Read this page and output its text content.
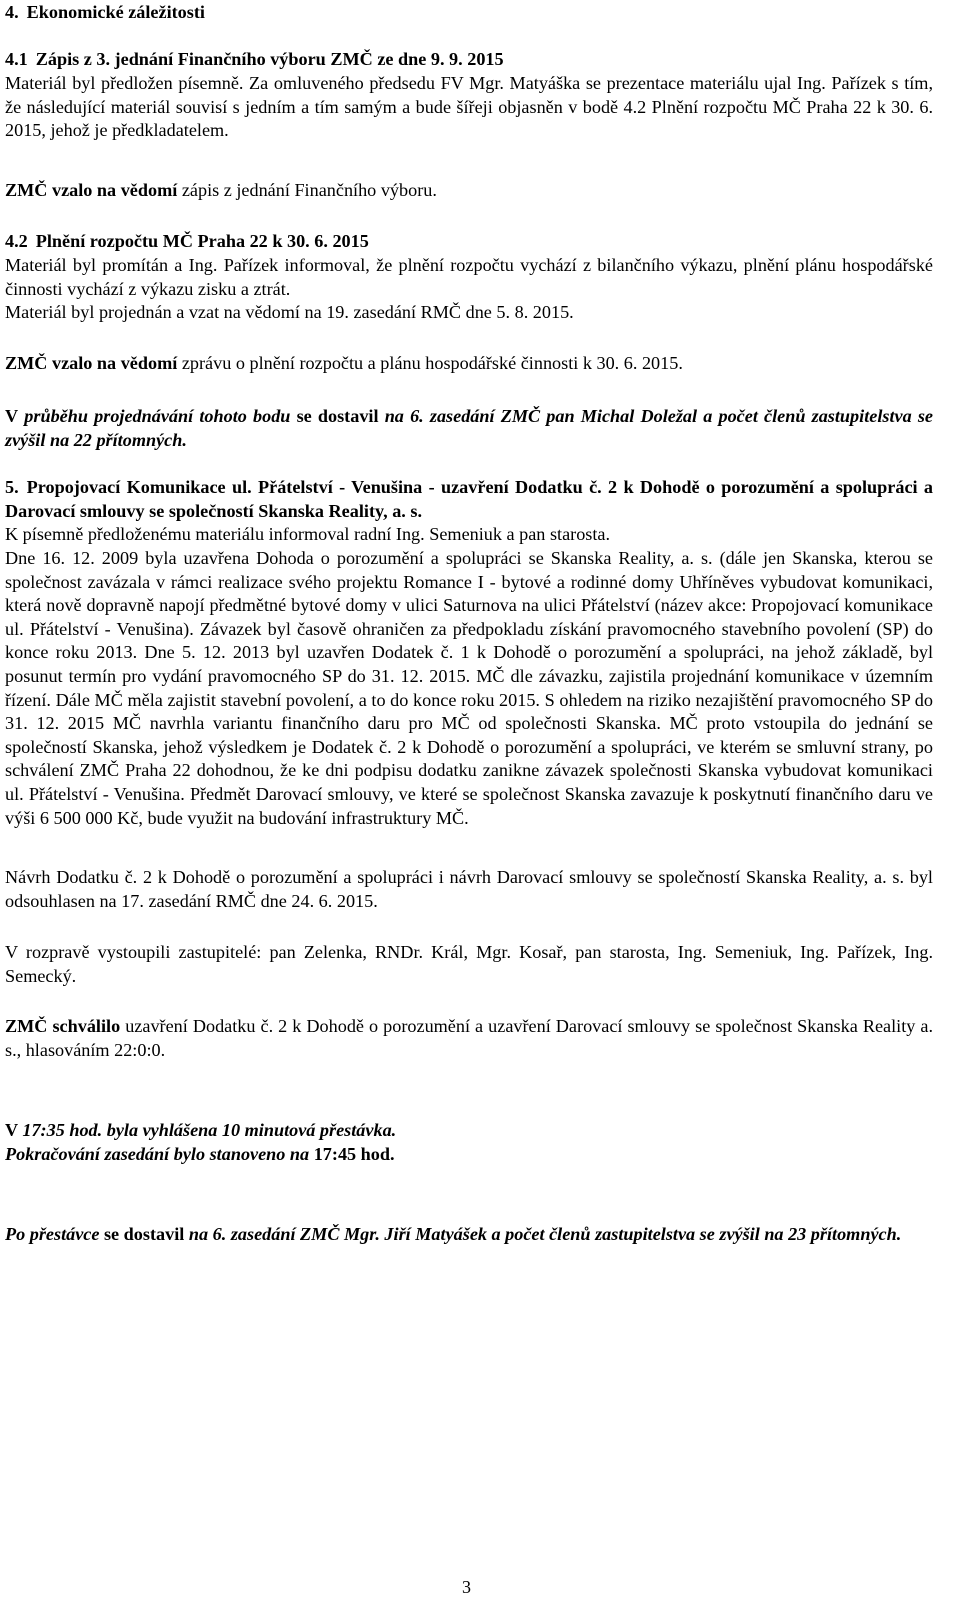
4. Ekonomické záležitosti
4.1 Zápis z 3. jednání Finančního výboru ZMČ ze dne 9. 9. 2015

Materiál byl předložen písemně. Za omluveného předsedu FV Mgr. Matyáška se prezentace materiálu ujal Ing. Pařízek s tím, že následující materiál souvisí s jedním a tím samým a bude šířeji objasněn v bodě 4.2 Plnění rozpočtu MČ Praha 22 k 30. 6. 2015, jehož je předkladatelem.

ZMČ vzalo na vědomí zápis z jednání Finančního výboru.
4.2 Plnění rozpočtu MČ Praha 22 k 30. 6. 2015

Materiál byl promítán a Ing. Pařízek informoval, že plnění rozpočtu vychází z bilančního výkazu, plnění plánu hospodářské činnosti vychází z výkazu zisku a ztrát.

Materiál byl projednán a vzat na vědomí na 19. zasedání RMČ dne 5. 8. 2015.

ZMČ vzalo na vědomí zprávu o plnění rozpočtu a plánu hospodářské činnosti k 30. 6. 2015.

V průběhu projednávání tohoto bodu se dostavil na 6. zasedání ZMČ pan Michal Doležal a počet členů zastupitelstva se zvýšil na 22 přítomných.

5. Propojovací Komunikace ul. Přátelství - Venušina - uzavření Dodatku č. 2 k Dohodě o porozumění a spolupráci a Darovací smlouvy se společností Skanska Reality, a. s.

K písemně předloženému materiálu informoval radní Ing. Semeniuk a pan starosta.

Dne 16. 12. 2009 byla uzavřena Dohoda o porozumění a spolupráci se Skanska Reality, a. s. (dále jen Skanska, kterou se společnost zavázala v rámci realizace svého projektu Romance I - bytové a rodinné domy Uhříněves vybudovat komunikaci, která nově dopravně napojí předmětné bytové domy v ulici Saturnova na ulici Přátelství (název akce: Propojovací komunikace ul. Přátelství - Venušina). Závazek byl časově ohraničen za předpokladu získání pravomocného stavebního povolení (SP) do konce roku 2013. Dne 5. 12. 2013 byl uzavřen Dodatek č. 1 k Dohodě o porozumění a spolupráci, na jehož základě, byl posunut termín pro vydání pravomocného SP do 31. 12. 2015. MČ dle závazku, zajistila projednání komunikace v územním řízení. Dále MČ měla zajistit stavební povolení, a to do konce roku 2015. S ohledem na riziko nezajištění pravomocného SP do 31. 12. 2015 MČ navrhla variantu finančního daru pro MČ od společnosti Skanska. MČ proto vstoupila do jednání se společností Skanska, jehož výsledkem je Dodatek č. 2 k Dohodě o porozumění a spolupráci, ve kterém se smluvní strany, po schválení ZMČ Praha 22 dohodnou, že ke dni podpisu dodatku zanikne závazek společnosti Skanska vybudovat komunikaci ul. Přátelství - Venušina. Předmět Darovací smlouvy, ve které se společnost Skanska zavazuje k poskytnutí finančního daru ve výši 6 500 000 Kč, bude využit na budování infrastruktury MČ.

Návrh Dodatku č. 2 k Dohodě o porozumění a spolupráci i návrh Darovací smlouvy se společností Skanska Reality, a. s. byl odsouhlasen na 17. zasedání RMČ dne 24. 6. 2015.

V rozpravě vystoupili zastupitelé: pan Zelenka, RNDr. Král, Mgr. Kosař, pan starosta, Ing. Semeniuk, Ing. Pařízek, Ing. Semecký.

ZMČ schválilo uzavření Dodatku č. 2 k Dohodě o porozumění a uzavření Darovací smlouvy se společnost Skanska Reality a. s., hlasováním 22:0:0.

V 17:35 hod. byla vyhlášena 10 minutová přestávka.
Pokračování zasedání bylo stanoveno na 17:45 hod.

Po přestávce se dostavil na 6. zasedání ZMČ Mgr. Jiří Matyášek a počet členů zastupitelstva se zvýšil na 23 přítomných.

3
